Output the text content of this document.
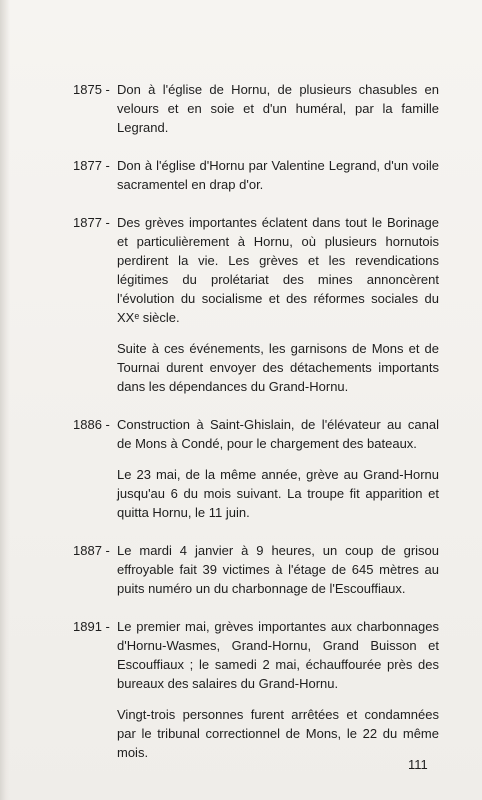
1875 - Don à l'église de Hornu, de plusieurs chasubles en velours et en soie et d'un huméral, par la famille Legrand.

1877 - Don à l'église d'Hornu par Valentine Legrand, d'un voile sacramentel en drap d'or.

1877 - Des grèves importantes éclatent dans tout le Borinage et particulièrement à Hornu, où plusieurs hornutois perdirent la vie. Les grèves et les revendications légitimes du prolétariat des mines annoncèrent l'évolution du socialisme et des réformes sociales du XXᵉ siècle.

Suite à ces événements, les garnisons de Mons et de Tournai durent envoyer des détachements importants dans les dépendances du Grand-Hornu.

1886 - Construction à Saint-Ghislain, de l'élévateur au canal de Mons à Condé, pour le chargement des bateaux.

Le 23 mai, de la même année, grève au Grand-Hornu jusqu'au 6 du mois suivant. La troupe fit apparition et quitta Hornu, le 11 juin.

1887 - Le mardi 4 janvier à 9 heures, un coup de grisou effroyable fait 39 victimes à l'étage de 645 mètres au puits numéro un du charbonnage de l'Escouffiaux.

1891 - Le premier mai, grèves importantes aux charbonnages d'Hornu-Wasmes, Grand-Hornu, Grand Buisson et Escouffiaux ; le samedi 2 mai, échauffourée près des bureaux des salaires du Grand-Hornu.

Vingt-trois personnes furent arrêtées et condamnées par le tribunal correctionnel de Mons, le 22 du même mois.

111
